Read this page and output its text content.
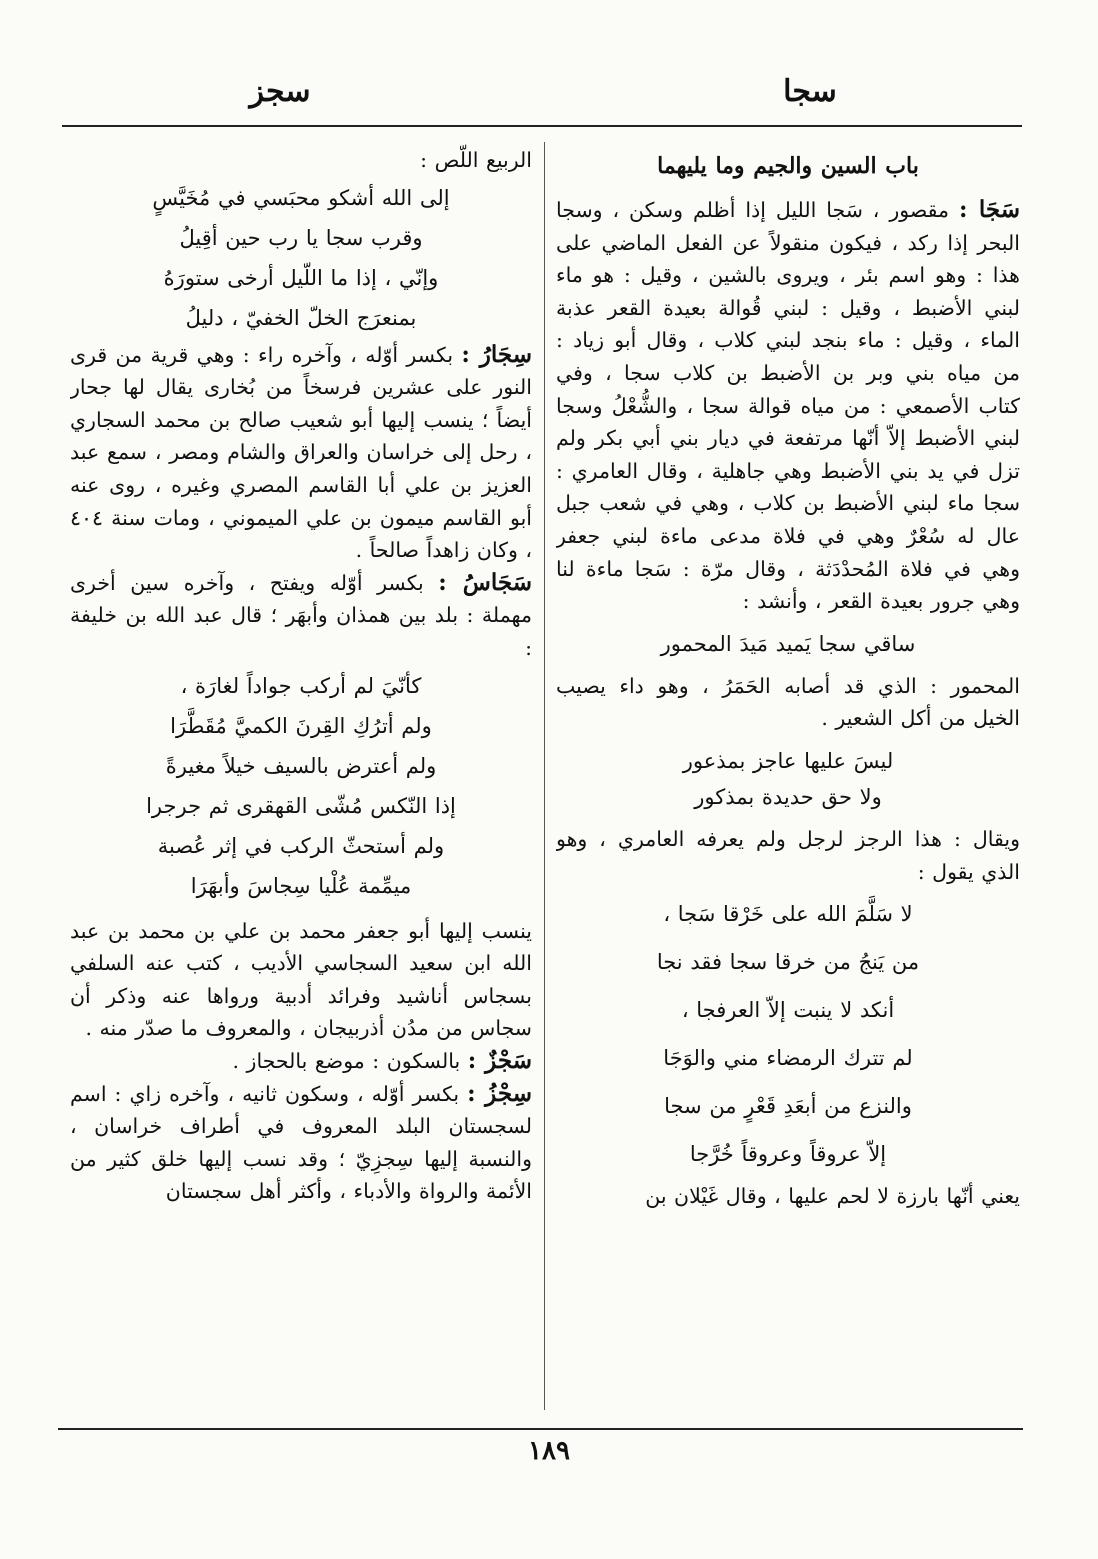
سجا
سجز

باب السين والجيم وما يليهما

سَجَا : مقصور ، سَجا الليل إذا أظلم وسكن ، وسجا البحر إذا ركد ، فيكون منقولاً عن الفعل الماضي على هذا : وهو اسم بئر ، ويروى بالشين ، وقيل : هو ماء لبني الأضبط ، وقيل : لبني قُوالة بعيدة القعر عذبة الماء ، وقيل : ماء بنجد لبني كلاب ، وقال أبو زياد : من مياه بني وبر بن الأضبط بن كلاب سجا ، وفي كتاب الأصمعي : من مياه قوالة سجا ، والشُّعْلُ وسجا لبني الأضبط إلاّ أنّها مرتفعة في ديار بني أبي بكر ولم تزل في يد بني الأضبط وهي جاهلية ، وقال العامري : سجا ماء لبني الأضبط بن كلاب ، وهي في شعب جبل عال له سُعْرٌ وهي في فلاة مدعى ماءة لبني جعفر وهي في فلاة المُحدْدَثة ، وقال مرّة : سَجا ماءة لنا وهي جرور بعيدة القعر ، وأنشد :

ساقي سجا يَميد مَيدَ المحمور

المحمور : الذي قد أصابه الحَمَرُ ، وهو داء يصيب الخيل من أكل الشعير .

ليسَ عليها عاجز بمذعور

ولا حق حديدة بمذكور

ويقال : هذا الرجز لرجل ولم يعرفه العامري ، وهو الذي يقول :

لا سَلَّمَ الله على خَرْقا سَجا ،

من يَنجُ من خرقا سجا فقد نجا

أنكد لا ينبت إلاّ العرفجا ،

لم تترك الرمضاء مني والوَجَا

والنزع من أبعَدِ قَعْرٍ من سجا

إلاّ عروقاً وعروقاً خُرَّجا

يعني أنّها بارزة لا لحم عليها ، وقال غَيْلان بن

الربيع اللّص :

إلى الله أشكو محبَسي في مُخَيَّسٍ

وقرب سجا يا رب حين أقِيلُ

وإنّي ، إذا ما اللّيل أرخى ستورَهُ

بمنعرَج الخلّ الخفيّ ، دليلُ

سِجَارُ : بكسر أوّله ، وآخره راء : وهي قرية من قرى النور على عشرين فرسخاً من بُخارى يقال لها جحار أيضاً ؛ ينسب إليها أبو شعيب صالح بن محمد السجاري ، رحل إلى خراسان والعراق والشام ومصر ، سمع عبد العزيز بن علي أبا القاسم المصري وغيره ، روى عنه أبو القاسم ميمون بن علي الميموني ، ومات سنة ٤٠٤ ، وكان زاهداً صالحاً .

سَجَاسُ : بكسر أوّله ويفتح ، وآخره سين أخرى مهملة : بلد بين همذان وأبهَر ؛ قال عبد الله بن خليفة :

كأنّيَ لم أركب جواداً لغارَة ،

ولم أترُكِ القِرنَ الكميَّ مُقَطَّرَا

ولم أعترض بالسيف خيلاً مغيرةً

إذا النّكس مُشّى القهقرى ثم جرجرا

ولم أستحثّ الركب في إثر عُصبة

ميمِّمة عُلْيا سِجاسَ وأبهَرَا

ينسب إليها أبو جعفر محمد بن علي بن محمد بن عبد الله ابن سعيد السجاسي الأديب ، كتب عنه السلفي بسجاس أناشيد وفرائد أدبية ورواها عنه وذكر أن سجاس من مدُن أذربيجان ، والمعروف ما صدّر منه .

سَجْزٌ : بالسكون : موضع بالحجاز .

سِجْزُ : بكسر أوّله ، وسكون ثانيه ، وآخره زاي : اسم لسجستان البلد المعروف في أطراف خراسان ، والنسبة إليها سِجزِيّ ؛ وقد نسب إليها خلق كثير من الأئمة والرواة والأدباء ، وأكثر أهل سجستان

١٨٩
